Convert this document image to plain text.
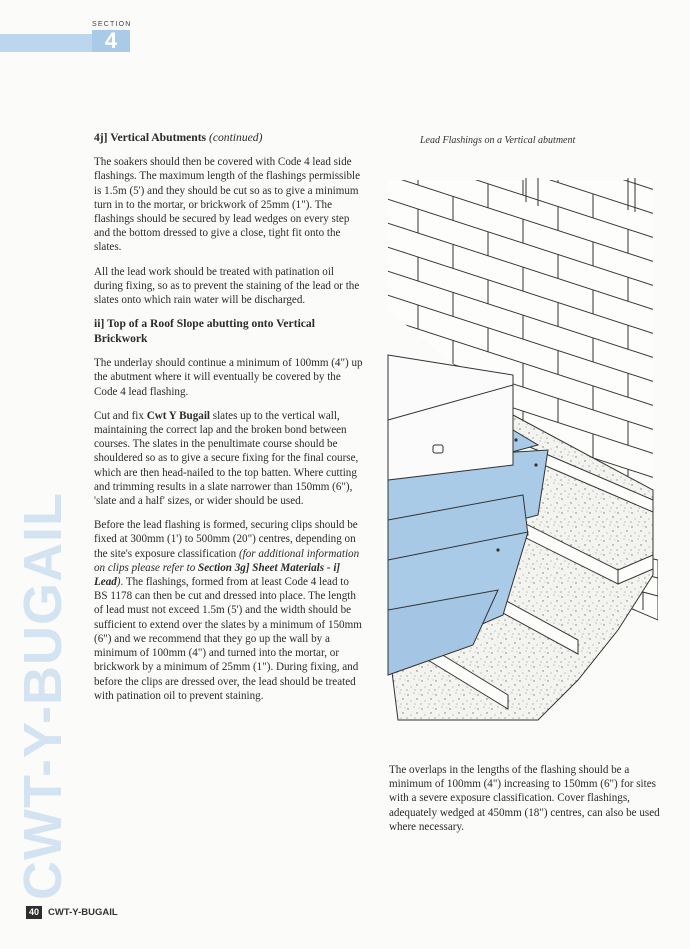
SECTION
4
CWT-Y-BUGAIL
4j] Vertical Abutments (continued)

The soakers should then be covered with Code 4 lead side flashings. The maximum length of the flashings permissible is 1.5m (5') and they should be cut so as to give a minimum turn in to the mortar, or brickwork of 25mm (1"). The flashings should be secured by lead wedges on every step and the bottom dressed to give a close, tight fit onto the slates.

All the lead work should be treated with patination oil during fixing, so as to prevent the staining of the lead or the slates onto which rain water will be discharged.

ii] Top of a Roof Slope abutting onto Vertical Brickwork

The underlay should continue a minimum of 100mm (4") up the abutment where it will eventually be covered by the Code 4 lead flashing.

Cut and fix Cwt Y Bugail slates up to the vertical wall, maintaining the correct lap and the broken bond between courses. The slates in the penultimate course should be shouldered so as to give a secure fixing for the final course, which are then head-nailed to the top batten. Where cutting and trimming results in a slate narrower than 150mm (6"), 'slate and a half' sizes, or wider should be used.

Before the lead flashing is formed, securing clips should be fixed at 300mm (1') to 500mm (20") centres, depending on the site's exposure classification (for additional information on clips please refer to Section 3g] Sheet Materials - i] Lead). The flashings, formed from at least Code 4 lead to BS 1178 can then be cut and dressed into place. The length of lead must not exceed 1.5m (5') and the width should be sufficient to extend over the slates by a minimum of 150mm (6") and we recommend that they go up the wall by a minimum of 100mm (4") and turned into the mortar, or brickwork by a minimum of 25mm (1"). During fixing, and before the clips are dressed over, the lead should be treated with patination oil to prevent staining.

Lead Flashings on a Vertical abutment
The overlaps in the lengths of the flashing should be a minimum of 100mm (4") increasing to 150mm (6") for sites with a severe exposure classification. Cover flashings, adequately wedged at 450mm (18") centres, can also be used where necessary.
40 CWT-Y-BUGAIL
